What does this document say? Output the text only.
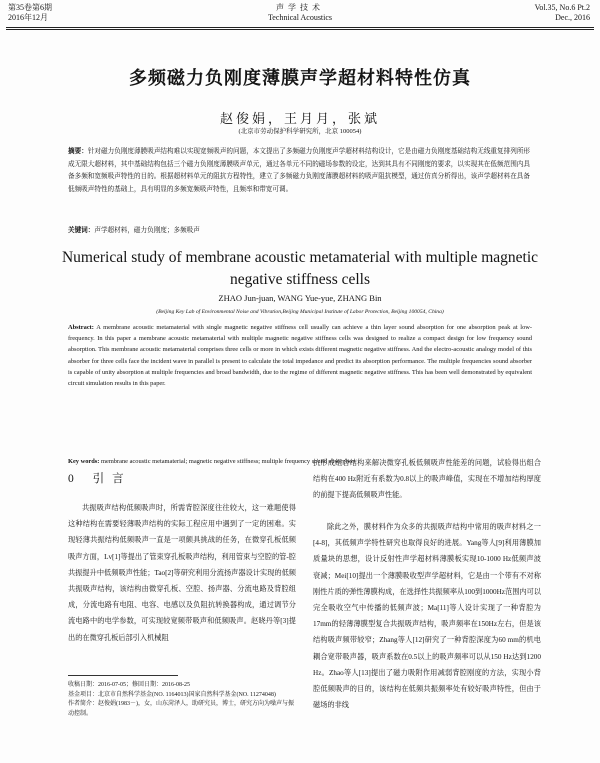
第35卷第6期
2016年12月
声学技术
Technical Acoustics
Vol.35, No.6 Pt.2
Dec., 2016
多频磁力负刚度薄膜声学超材料特性仿真
赵俊娟，王月月，张斌
(北京市劳动保护科学研究所，北京 100054)
摘要：针对磁力负刚度薄膜吸声结构难以实现宽频吸声的问题，本文提出了多频磁力负刚度声学超材料结构设计，它是由磁力负刚度基础结构无线重复排列所形成无限大超材料，其中基础结构包括三个磁力负刚度薄膜吸声单元，通过各单元不同的磁场参数的设定，达到其具有不同刚度的要求，以实现其在低频范围内具备多频和宽频吸声特性的目的。根据超材料单元的阻抗方程特性，建立了多频磁力负刚度薄膜超材料的吸声阻抗模型，通过仿真分析得出，该声学超材料在具备低频吸声特性的基础上，具有明显的多频宽频吸声特性，且频率和带宽可调。
关键词：声学超材料，磁力负刚度；多频吸声
Numerical study of membrane acoustic metamaterial with multiple magnetic negative stiffness cells
ZHAO Jun-juan, WANG Yue-yue, ZHANG Bin
(Beijing Key Lab of Environmental Noise and Vibration,Beijing Municipal Institute of Labor Protection, Beijing 100054, China)
Abstract: A membrane acoustic metamaterial with single magnetic negative stiffness cell usually can achieve a thin layer sound absorption for one absorption peak at low-frequency. In this paper a membrane acoustic metamaterial with multiple magnetic negative stiffness cells was designed to realize a compact design for low frequency sound absorption. This membrane acoustic metamaterial comprises three cells or more in which exists different magnetic negative stiffness. And the electro-acoustic analogy model of this absorber for three cells face the incident wave in parallel is present to calculate the total impedance and predict its absorption performance. The multiple frequencies sound absorber is capable of unity absorption at multiple frequencies and broad bandwidth, due to the regime of different magnetic negative stiffness. This has been well demonstrated by equivalent circuit simulation results in this paper.
Key words: membrane acoustic metamaterial; magnetic negative stiffness; multiple frequency sound absorption
0 引言
共振吸声结构低频吸声时，所需背腔深度往往较大，这一难题使得这种结构在需要轻薄吸声结构的实际工程应用中遇到了一定的困难。实现轻薄共振结构低频吸声一直是一项颇具挑战的任务，在微穿孔板低频吸声方面，Lv[1]等提出了管束穿孔板吸声结构，利用管束与空腔的管-腔共振提升中低频吸声性能；Tao[2]等研究利用分流扬声器设计实现的低频共振吸声结构，该结构由微穿孔板、空腔、扬声器、分流电路及背腔组成，分流电路有电阻、电容、电感以及负阻抗转换器构成，通过调节分流电路中的电学参数，可实现较宽频带吸声和低频吸声。赵晓丹等[3]提出的在微穿孔板后部引入机械阻
抗形成组合结构来解决微穿孔板低频吸声性能差的问题，试验得出组合结构在400 Hz附近有系数为0.8以上的吸声峰值，实现在不增加结构厚度的前提下提高低频吸声性能。
除此之外，膜材料作为众多的共振吸声结构中常用的吸声材料之一[4-8]，其低频声学特性研究也取得良好的进展。Yang等人[9]利用薄膜加质量块的思想，设计反射性声学超材料薄膜板实现10-1000 Hz低频声波衰减；Mei[10]提出一个薄膜吸收型声学超材料，它是由一个带有不对称刚性片质的弹性薄膜构成，在选择性共振频率从100到1000Hz范围内可以完全吸收空气中传播的低频声波；Ma[11]等人设计实现了一种背腔为17mm的轻薄薄膜型复合共振吸声结构，吸声频率在150Hz左右，但是该结构吸声频带较窄；Zhang等人[12]研究了一种背腔深度为60 mm的机电耦合宽带吸声器，吸声系数在0.5以上的吸声频率可以从150 Hz达到1200 Hz。Zhao等人[13]提出了磁力吸附作用减弱背腔刚度的方法，实现小背腔低频吸声的目的，该结构在低频共振频率处有较好吸声特性，但由于磁场的非线
收稿日期：2016-07-05；修回日期：2016-08-25
基金项目：北京市自然科学基金(NO. 1164013)国家自然科学基金(NO. 11274048)
作者简介：赵俊娟(1983－)，女，山东菏泽人，助研究员，博士，研究方向为噪声与振动控制。
